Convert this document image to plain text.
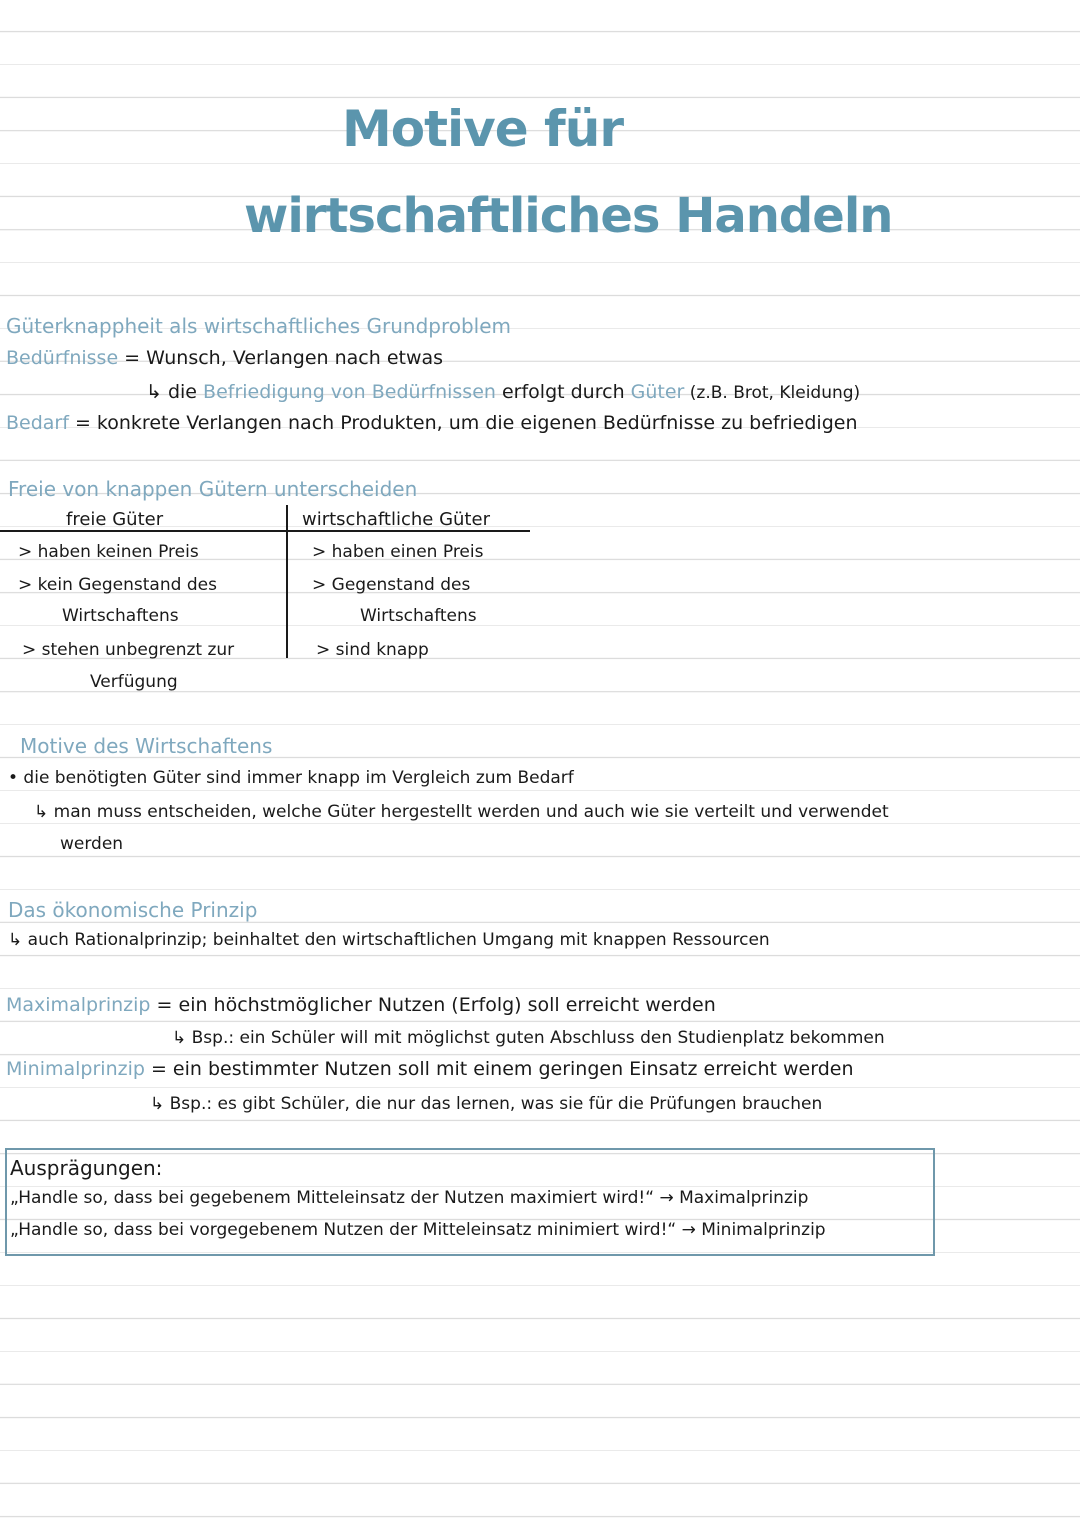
Motive für
wirtschaftliches Handeln
Güterknappheit als wirtschaftliches Grundproblem
Bedürfnisse = Wunsch, Verlangen nach etwas
↳ die Befriedigung von Bedürfnissen erfolgt durch Güter (z.B. Brot, Kleidung)
Bedarf = konkrete Verlangen nach Produkten, um die eigenen Bedürfnisse zu befriedigen
Freie von knappen Gütern unterscheiden
freie Güter	wirtschaftliche Güter
> haben keinen Preis
> kein Gegenstand des
Wirtschaftens
> stehen unbegrenzt zur
Verfügung
> haben einen Preis
> Gegenstand des
Wirtschaftens
> sind knapp
Motive des Wirtschaftens
• die benötigten Güter sind immer knapp im Vergleich zum Bedarf
↳ man muss entscheiden, welche Güter hergestellt werden und auch wie sie verteilt und verwendet
werden
Das ökonomische Prinzip
↳ auch Rationalprinzip; beinhaltet den wirtschaftlichen Umgang mit knappen Ressourcen
Maximalprinzip = ein höchstmöglicher Nutzen (Erfolg) soll erreicht werden
↳ Bsp.: ein Schüler will mit möglichst guten Abschluss den Studienplatz bekommen
Minimalprinzip = ein bestimmter Nutzen soll mit einem geringen Einsatz erreicht werden
↳ Bsp.: es gibt Schüler, die nur das lernen, was sie für die Prüfungen brauchen
Ausprägungen:
„Handle so, dass bei gegebenem Mitteleinsatz der Nutzen maximiert wird!“ → Maximalprinzip
„Handle so, dass bei vorgegebenem Nutzen der Mitteleinsatz minimiert wird!“ → Minimalprinzip
